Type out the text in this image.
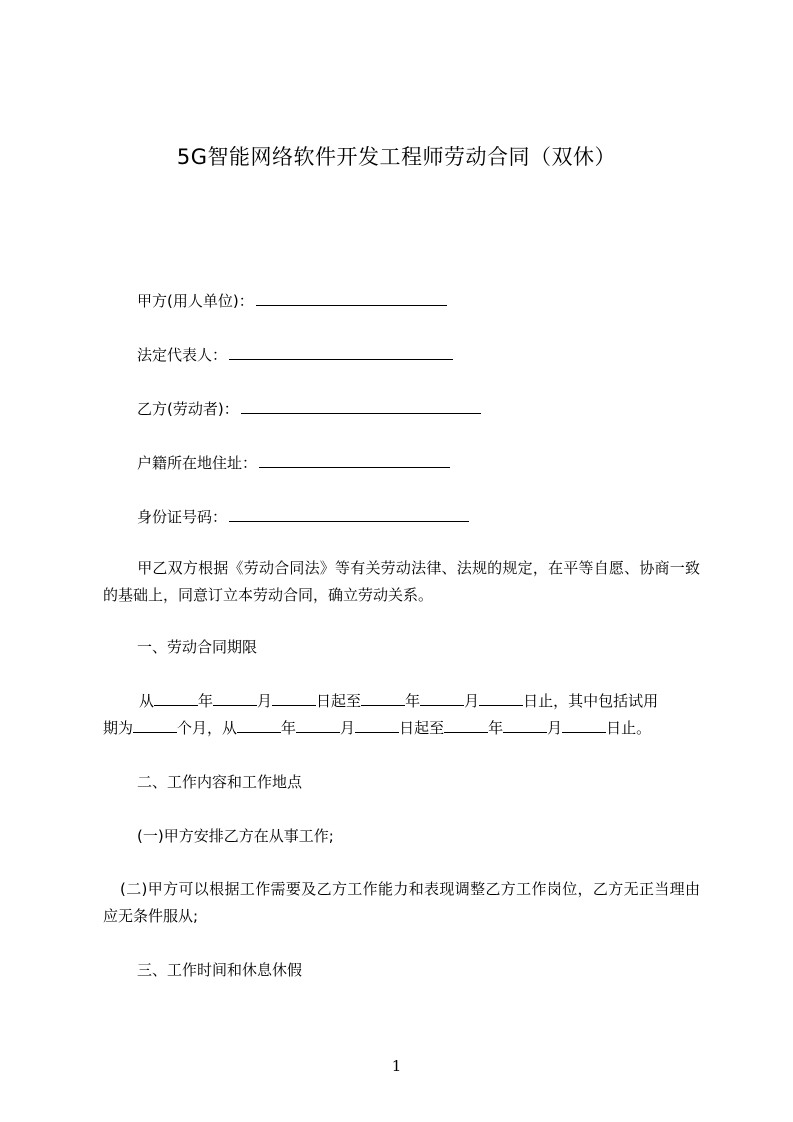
5G智能网络软件开发工程师劳动合同（双休）
甲方(用人单位)：
法定代表人：
乙方(劳动者)：
户籍所在地住址：
身份证号码：
甲乙双方根据《劳动合同法》等有关劳动法律、法规的规定，在平等自愿、协商一致的基础上，同意订立本劳动合同，确立劳动关系。
一、劳动合同期限
从	年	月	日起至	年	月	日止，其中包括试用
期为	个月，从	年	月	日起至	年	月	日止。
二、工作内容和工作地点
(一)甲方安排乙方在从事工作;
(二)甲方可以根据工作需要及乙方工作能力和表现调整乙方工作岗位，乙方无正当理由应无条件服从;
三、工作时间和休息休假
1
